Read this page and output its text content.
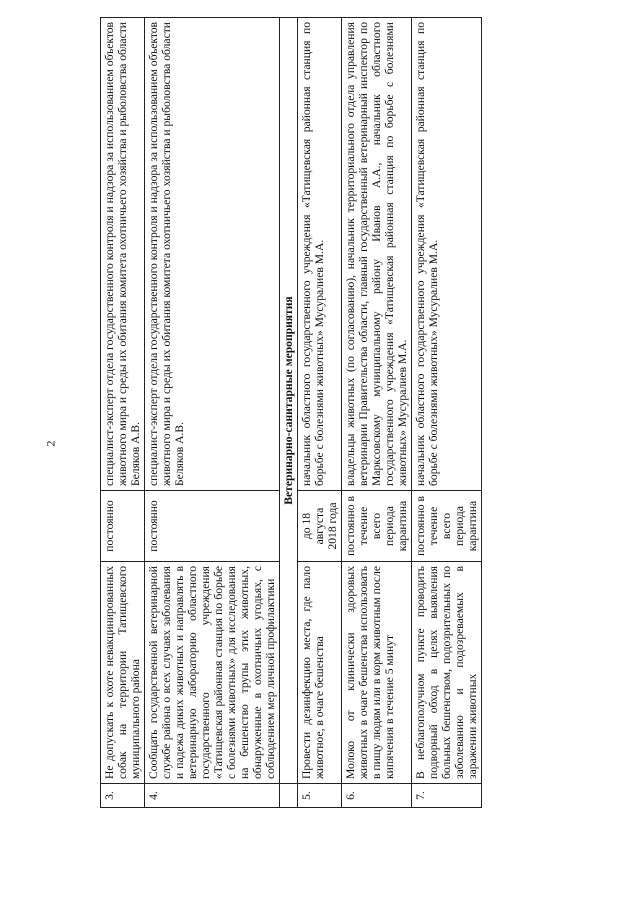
2
3.	Не допускать к охоте невакцинированных собак на территории Татищевского муниципального района	постоянно	специалист-эксперт отдела государственного контроля и надзора за использованием объектов животного мира и среды их обитания комитета охотничьего хозяйства и рыболовства области Беляков А.В.
4.	Сообщать государственной ветеринарной службе района о всех случаях заболевания и падежа диких животных и направлять в ветеринарную лабораторию областного государственного учреждения «Татищевская районная станция по борьбе с болезнями животных» для исследования на бешенство трупы этих животных, обнаруженные в охотничьих угодьях, с соблюдением мер личной профилактики	постоянно	специалист-эксперт отдела государственного контроля и надзора за использованием объектов животного мира и среды их обитания комитета охотничьего хозяйства и рыболовства области Беляков А.В.
	Ветеринарно-санитарные мероприятия		
5.	Провести дезинфекцию места, где пало животное, в очаге бешенства	до 18 августа 2018 года	начальник областного государственного учреждения «Татищевская районная станция по борьбе с болезнями животных» Мусуралиев М.А.
6.	Молоко от клинически здоровых животных в очаге бешенства использовать в пищу людям или в корм животным после кипячения в течение 5 минут	постоянно в течение всего периода карантина	владельцы животных (по согласованию), начальник территориального отдела управления ветеринарии Правительства области, главный государственный ветеринарный инспектор по Марксовскому муниципальному району Иванов А.А., начальник областного государственного учреждения «Татищевская районная станция по борьбе с болезнями животных» Мусуралиев М.А.
7.	В неблагополучном пункте проводить подворный обход в целях выявления больных бешенством, подозрительных по заболеванию и подозреваемых в заражении животных	постоянно в течение всего периода карантина	начальник областного государственного учреждения «Татищевская районная станция по борьбе с болезнями животных» Мусуралиев М.А.
